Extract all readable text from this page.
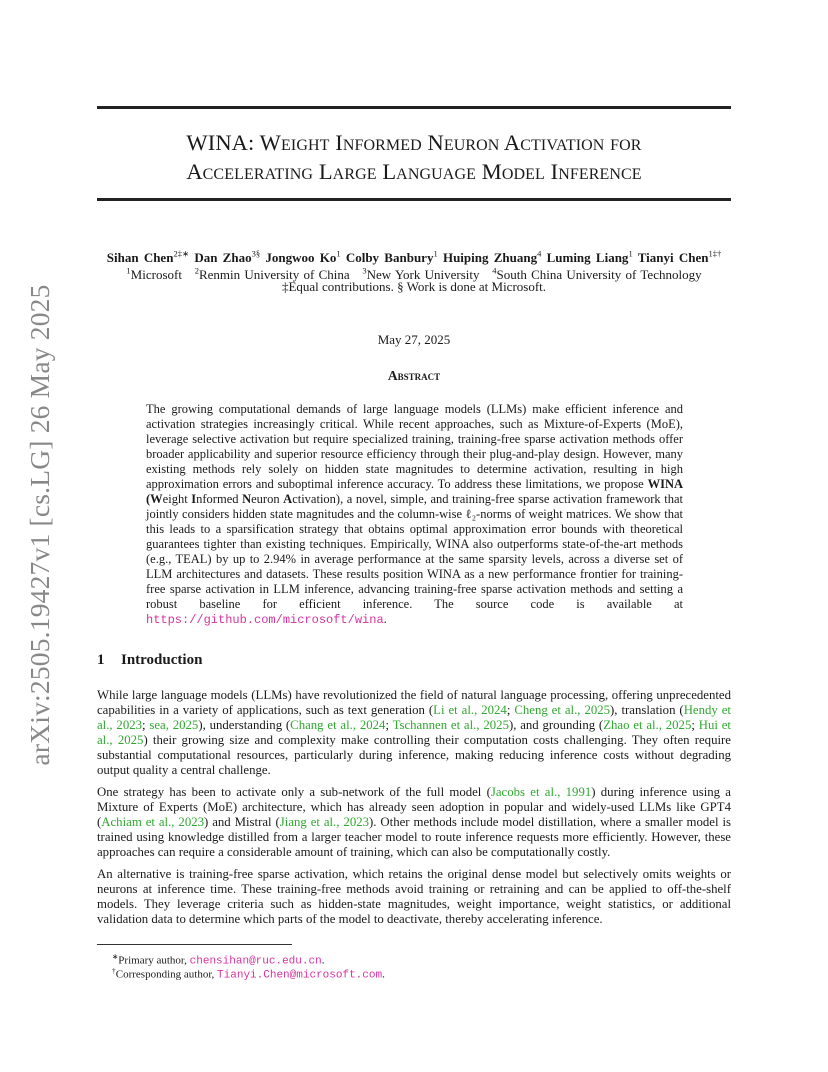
arXiv:2505.19427v1 [cs.LG] 26 May 2025
WINA: Weight Informed Neuron Activation for
Accelerating Large Language Model Inference
Sihan Chen$^{2\ddagger∗}$ Dan Zhao$^{3\S}$ Jongwoo Ko$^1$ Colby Banbury$^1$ Huiping Zhuang$^4$ Luming Liang$^1$ Tianyi Chen$^{1\ddagger\dagger}$
$^1$Microsoft $^2$Renmin University of China $^3$New York University $^4$South China University of Technology
‡Equal contributions. § Work is done at Microsoft.
May 27, 2025
Abstract
The growing computational demands of large language models (LLMs) make efficient inference and activation strategies increasingly critical. While recent approaches, such as Mixture-of-Experts (MoE), leverage selective activation but require specialized training, training-free sparse activation methods offer broader applicability and superior resource efficiency through their plug-and-play design. However, many existing methods rely solely on hidden state magnitudes to determine activation, resulting in high approximation errors and suboptimal inference accuracy. To address these limitations, we propose WINA (Weight Informed Neuron Activation), a novel, simple, and training-free sparse activation framework that jointly considers hidden state magnitudes and the column-wise ℓ₂-norms of weight matrices. We show that this leads to a sparsification strategy that obtains optimal approximation error bounds with theoretical guarantees tighter than existing techniques. Empirically, WINA also outperforms state-of-the-art methods (e.g., TEAL) by up to 2.94% in average performance at the same sparsity levels, across a diverse set of LLM architectures and datasets. These results position WINA as a new performance frontier for training-free sparse activation in LLM inference, advancing training-free sparse activation methods and setting a robust baseline for efficient inference. The source code is available at https://github.com/microsoft/wina.
1 Introduction
While large language models (LLMs) have revolutionized the field of natural language processing, offering unprecedented capabilities in a variety of applications, such as text generation (Li et al., 2024; Cheng et al., 2025), translation (Hendy et al., 2023; sea, 2025), understanding (Chang et al., 2024; Tschannen et al., 2025), and grounding (Zhao et al., 2025; Hui et al., 2025) their growing size and complexity make controlling their computation costs challenging. They often require substantial computational resources, particularly during inference, making reducing inference costs without degrading output quality a central challenge.
One strategy has been to activate only a sub-network of the full model (Jacobs et al., 1991) during inference using a Mixture of Experts (MoE) architecture, which has already seen adoption in popular and widely-used LLMs like GPT4 (Achiam et al., 2023) and Mistral (Jiang et al., 2023). Other methods include model distillation, where a smaller model is trained using knowledge distilled from a larger teacher model to route inference requests more efficiently. However, these approaches can require a considerable amount of training, which can also be computationally costly.
An alternative is training-free sparse activation, which retains the original dense model but selectively omits weights or neurons at inference time. These training-free methods avoid training or retraining and can be applied to off-the-shelf models. They leverage criteria such as hidden-state magnitudes, weight importance, weight statistics, or additional validation data to determine which parts of the model to deactivate, thereby accelerating inference.
∗Primary author, chensihan@ruc.edu.cn.
†Corresponding author, Tianyi.Chen@microsoft.com.
